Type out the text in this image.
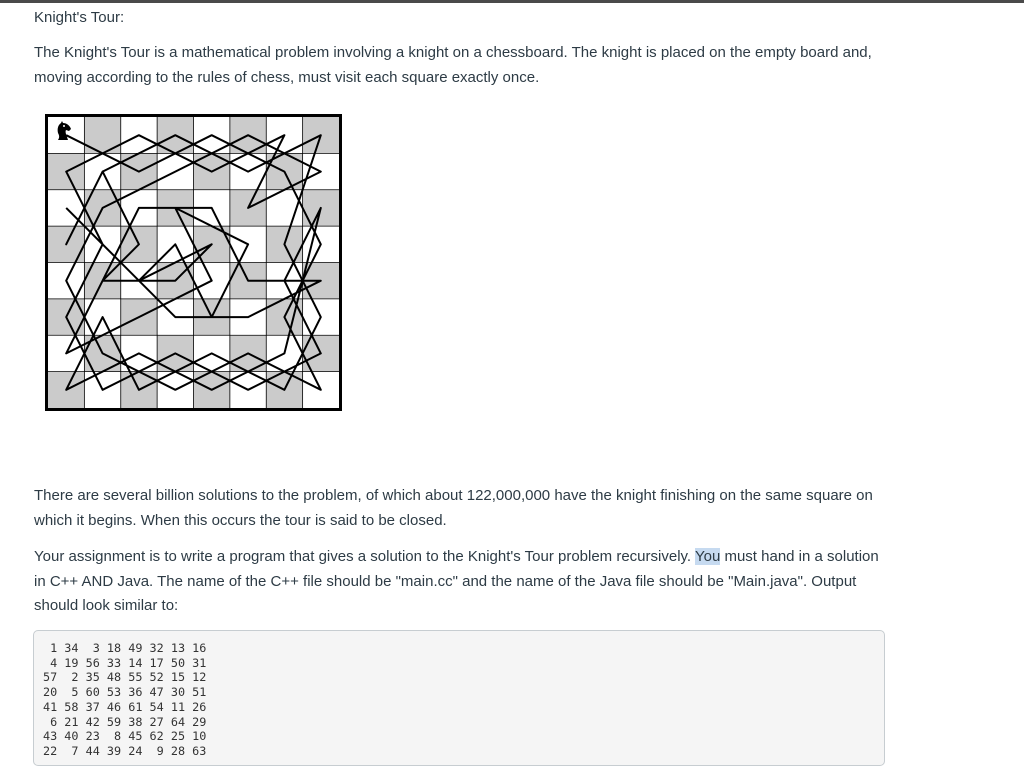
Knight's Tour:

The Knight's Tour is a mathematical problem involving a knight on a chessboard. The knight is placed on the empty board and, moving according to the rules of chess, must visit each square exactly once.

There are several billion solutions to the problem, of which about 122,000,000 have the knight finishing on the same square on which it begins. When this occurs the tour is said to be closed.

Your assignment is to write a program that gives a solution to the Knight's Tour problem recursively. You must hand in a solution in C++ AND Java. The name of the C++ file should be "main.cc" and the name of the Java file should be "Main.java". Output should look similar to:

1 34  3 18 49 32 13 16
4 19 56 33 14 17 50 31
57  2 35 48 55 52 15 12
20  5 60 53 36 47 30 51
41 58 37 46 61 54 11 26
6 21 42 59 38 27 64 29
43 40 23  8 45 62 25 10
22  7 44 39 24  9 28 63
